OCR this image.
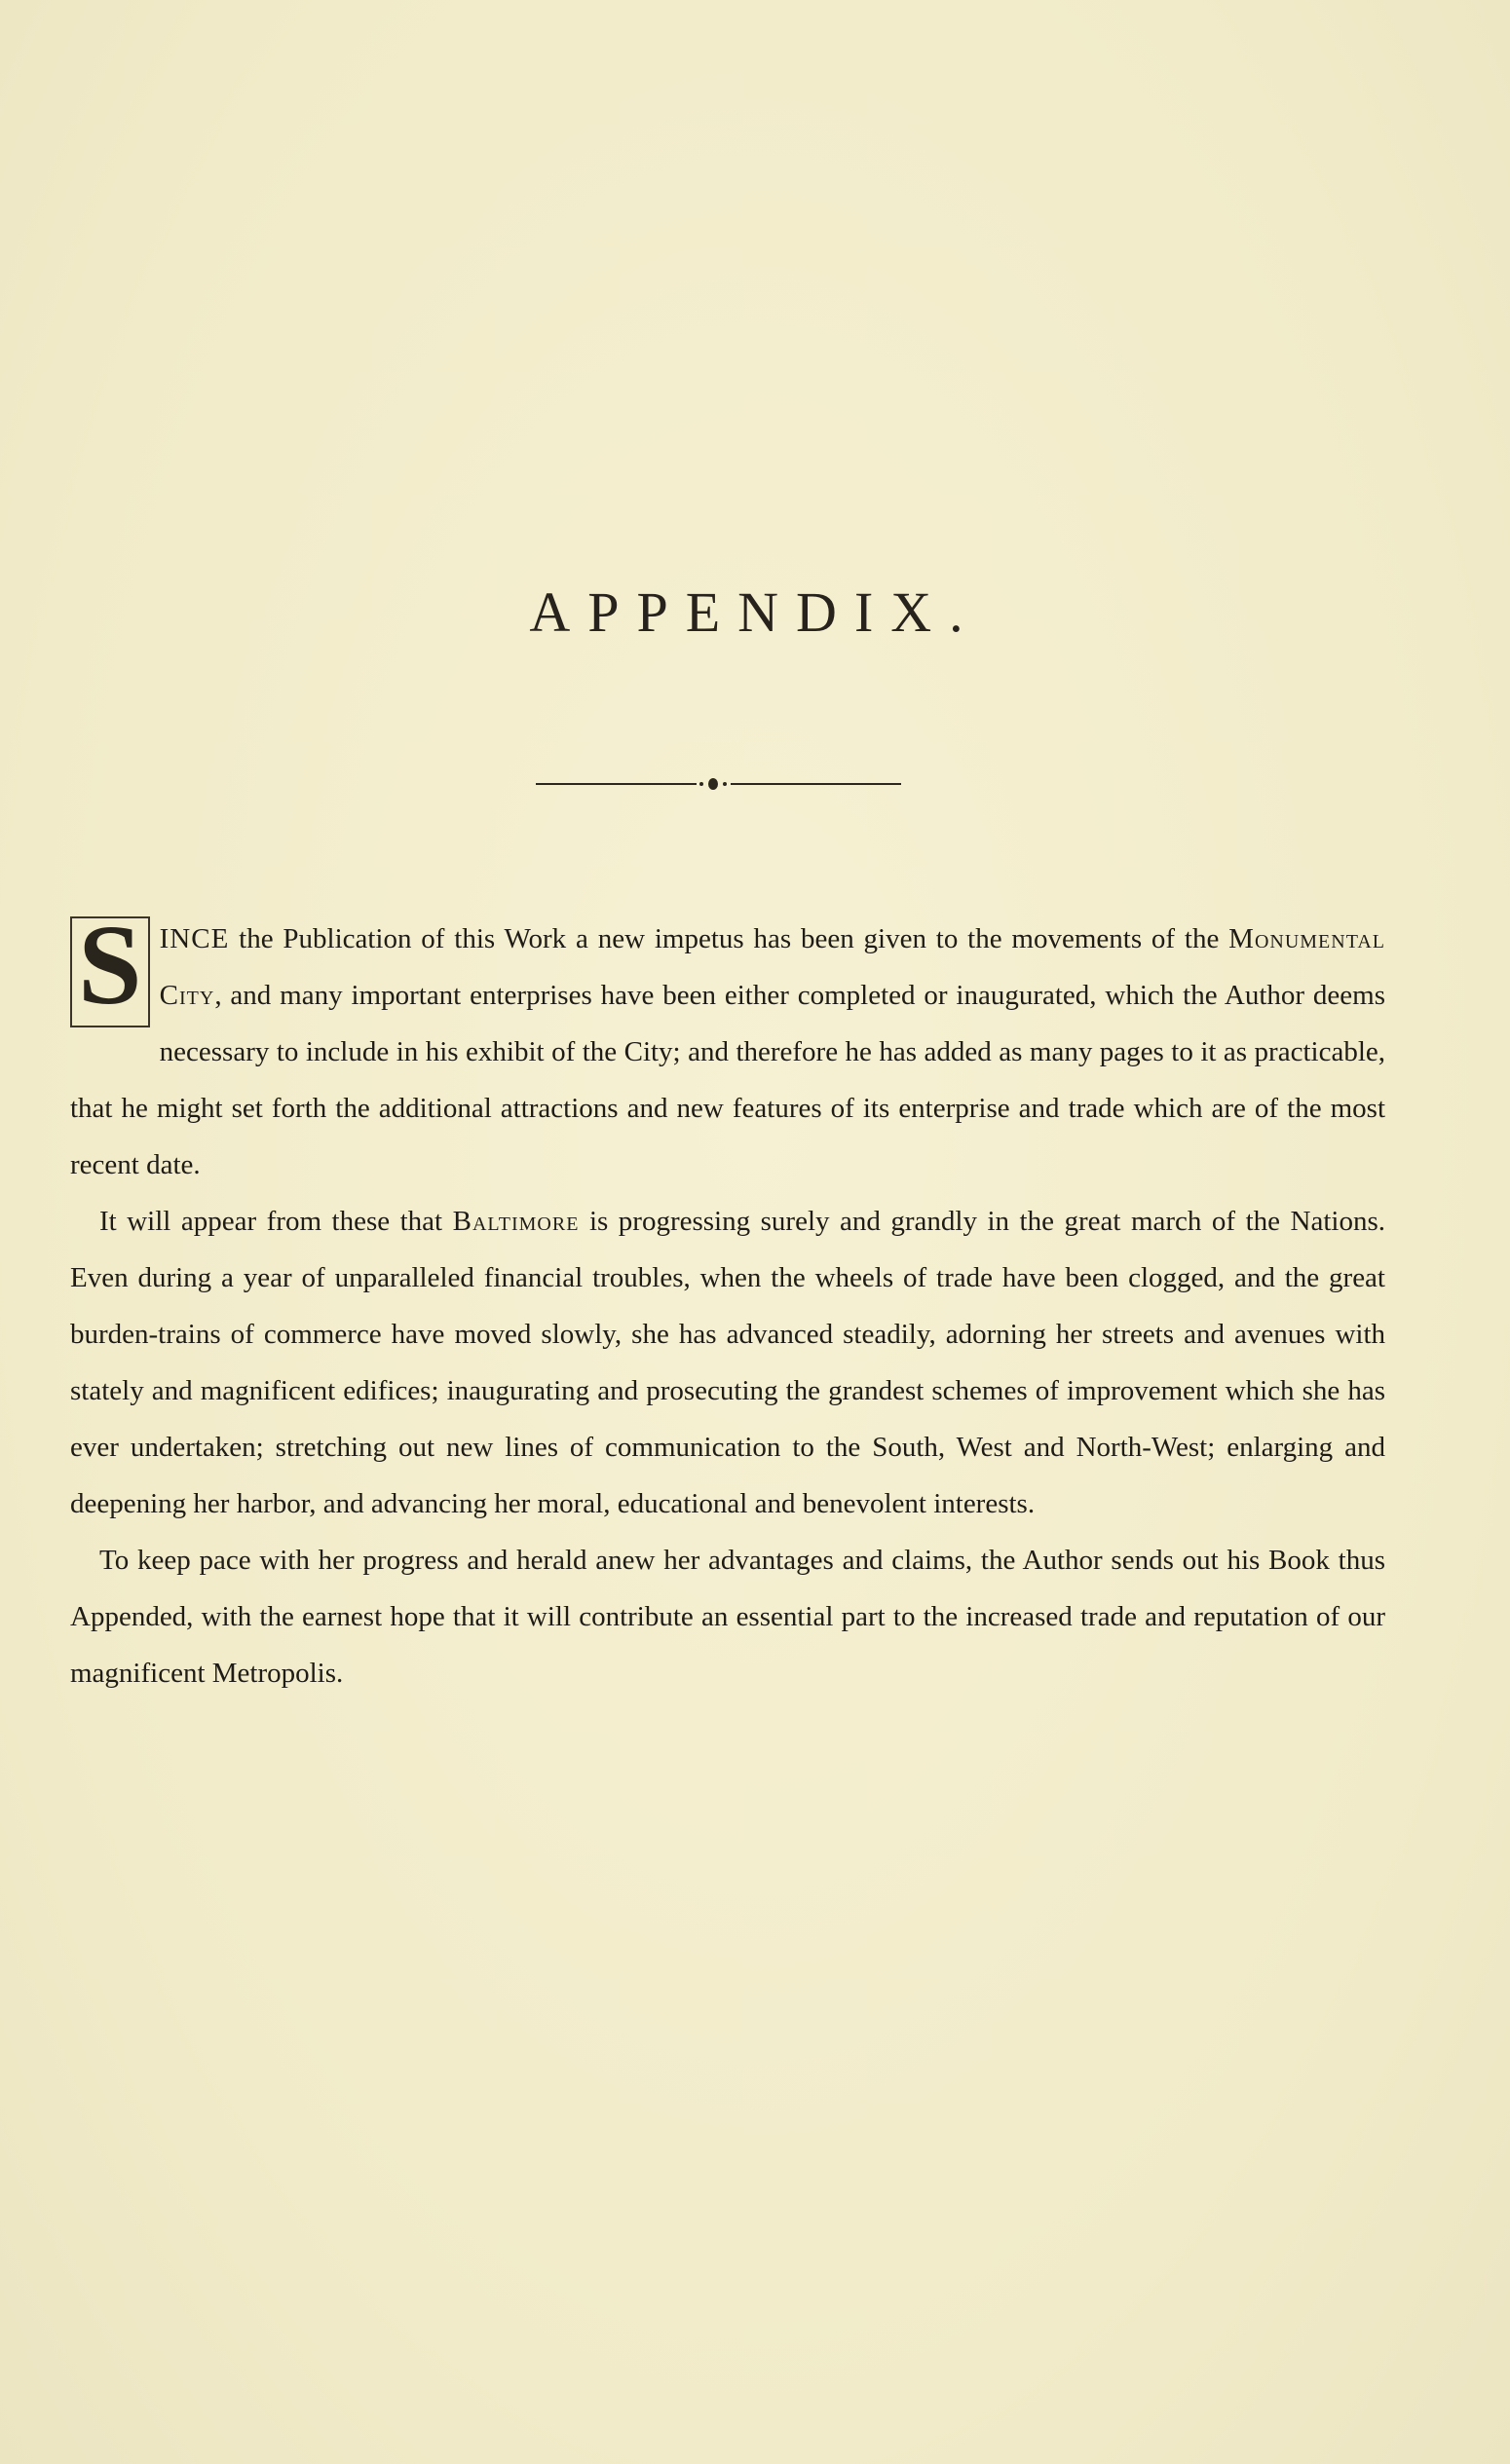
APPENDIX.

S INCE the Publication of this Work a new impetus has been given to the movements of the Monumental City, and many important enterprises have been either completed or inaugurated, which the Author deems necessary to include in his exhibit of the City; and therefore he has added as many pages to it as practicable, that he might set forth the additional attractions and new features of its enterprise and trade which are of the most recent date.

It will appear from these that Baltimore is progressing surely and grandly in the great march of the Nations. Even during a year of unparalleled financial troubles, when the wheels of trade have been clogged, and the great burden-trains of commerce have moved slowly, she has advanced steadily, adorning her streets and avenues with stately and magnificent edifices; inaugurating and prosecuting the grandest schemes of improvement which she has ever undertaken; stretching out new lines of communication to the South, West and North-West; enlarging and deepening her harbor, and advancing her moral, educational and benevolent interests.

To keep pace with her progress and herald anew her advantages and claims, the Author sends out his Book thus Appended, with the earnest hope that it will contribute an essential part to the increased trade and reputation of our magnificent Metropolis.
